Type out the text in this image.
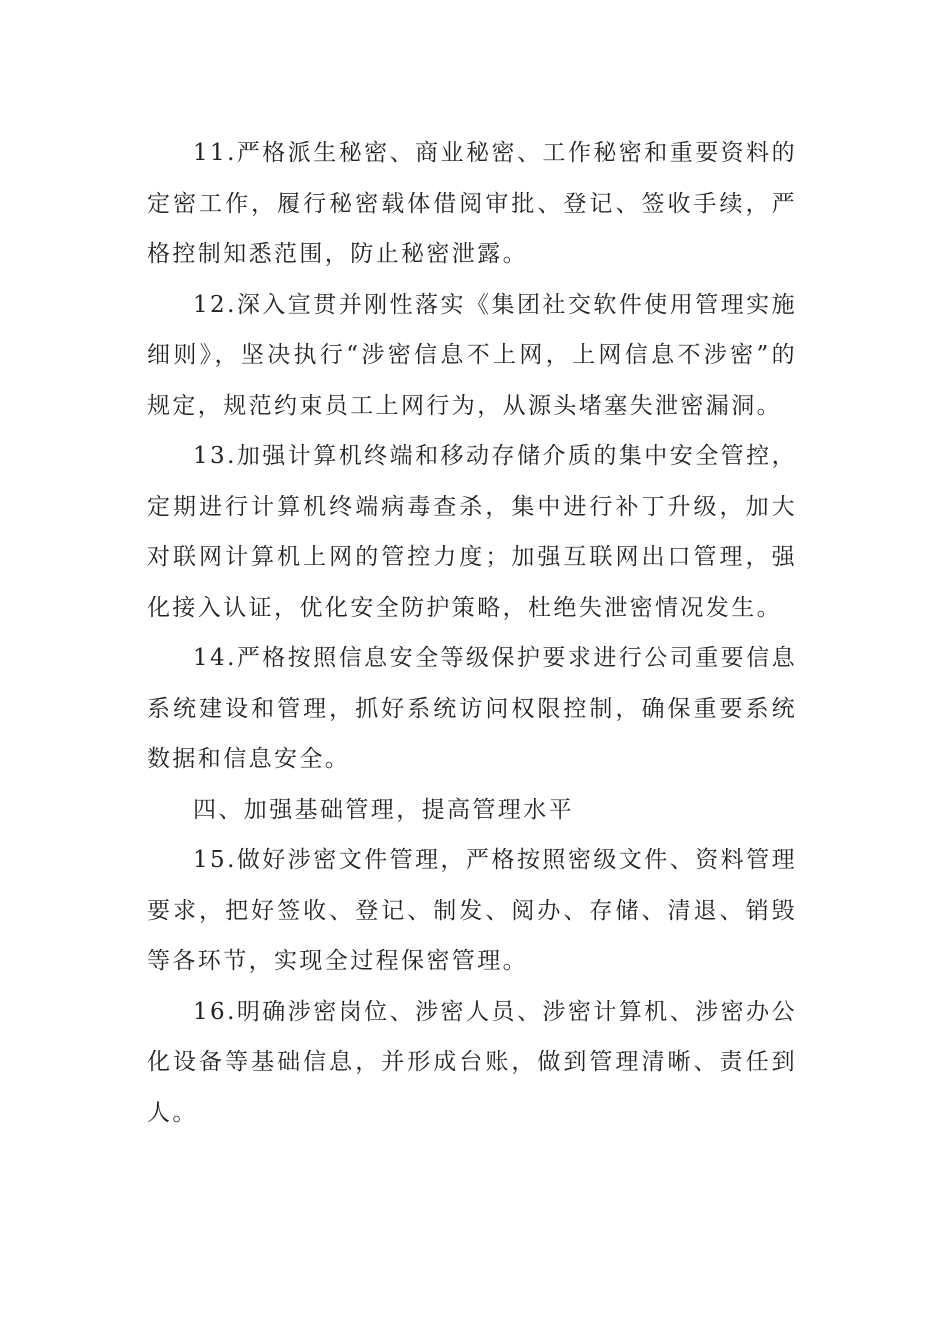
11.严格派生秘密、商业秘密、工作秘密和重要资料的定密工作，履行秘密载体借阅审批、登记、签收手续，严格控制知悉范围，防止秘密泄露。

12.深入宣贯并刚性落实《集团社交软件使用管理实施细则》，坚决执行“涉密信息不上网，上网信息不涉密”的规定，规范约束员工上网行为，从源头堵塞失泄密漏洞。

13.加强计算机终端和移动存储介质的集中安全管控，定期进行计算机终端病毒查杀，集中进行补丁升级，加大对联网计算机上网的管控力度；加强互联网出口管理，强化接入认证，优化安全防护策略，杜绝失泄密情况发生。

14.严格按照信息安全等级保护要求进行公司重要信息系统建设和管理，抓好系统访问权限控制，确保重要系统数据和信息安全。

四、加强基础管理，提高管理水平

15.做好涉密文件管理，严格按照密级文件、资料管理要求，把好签收、登记、制发、阅办、存储、清退、销毁等各环节，实现全过程保密管理。

16.明确涉密岗位、涉密人员、涉密计算机、涉密办公化设备等基础信息，并形成台账，做到管理清晰、责任到人。
